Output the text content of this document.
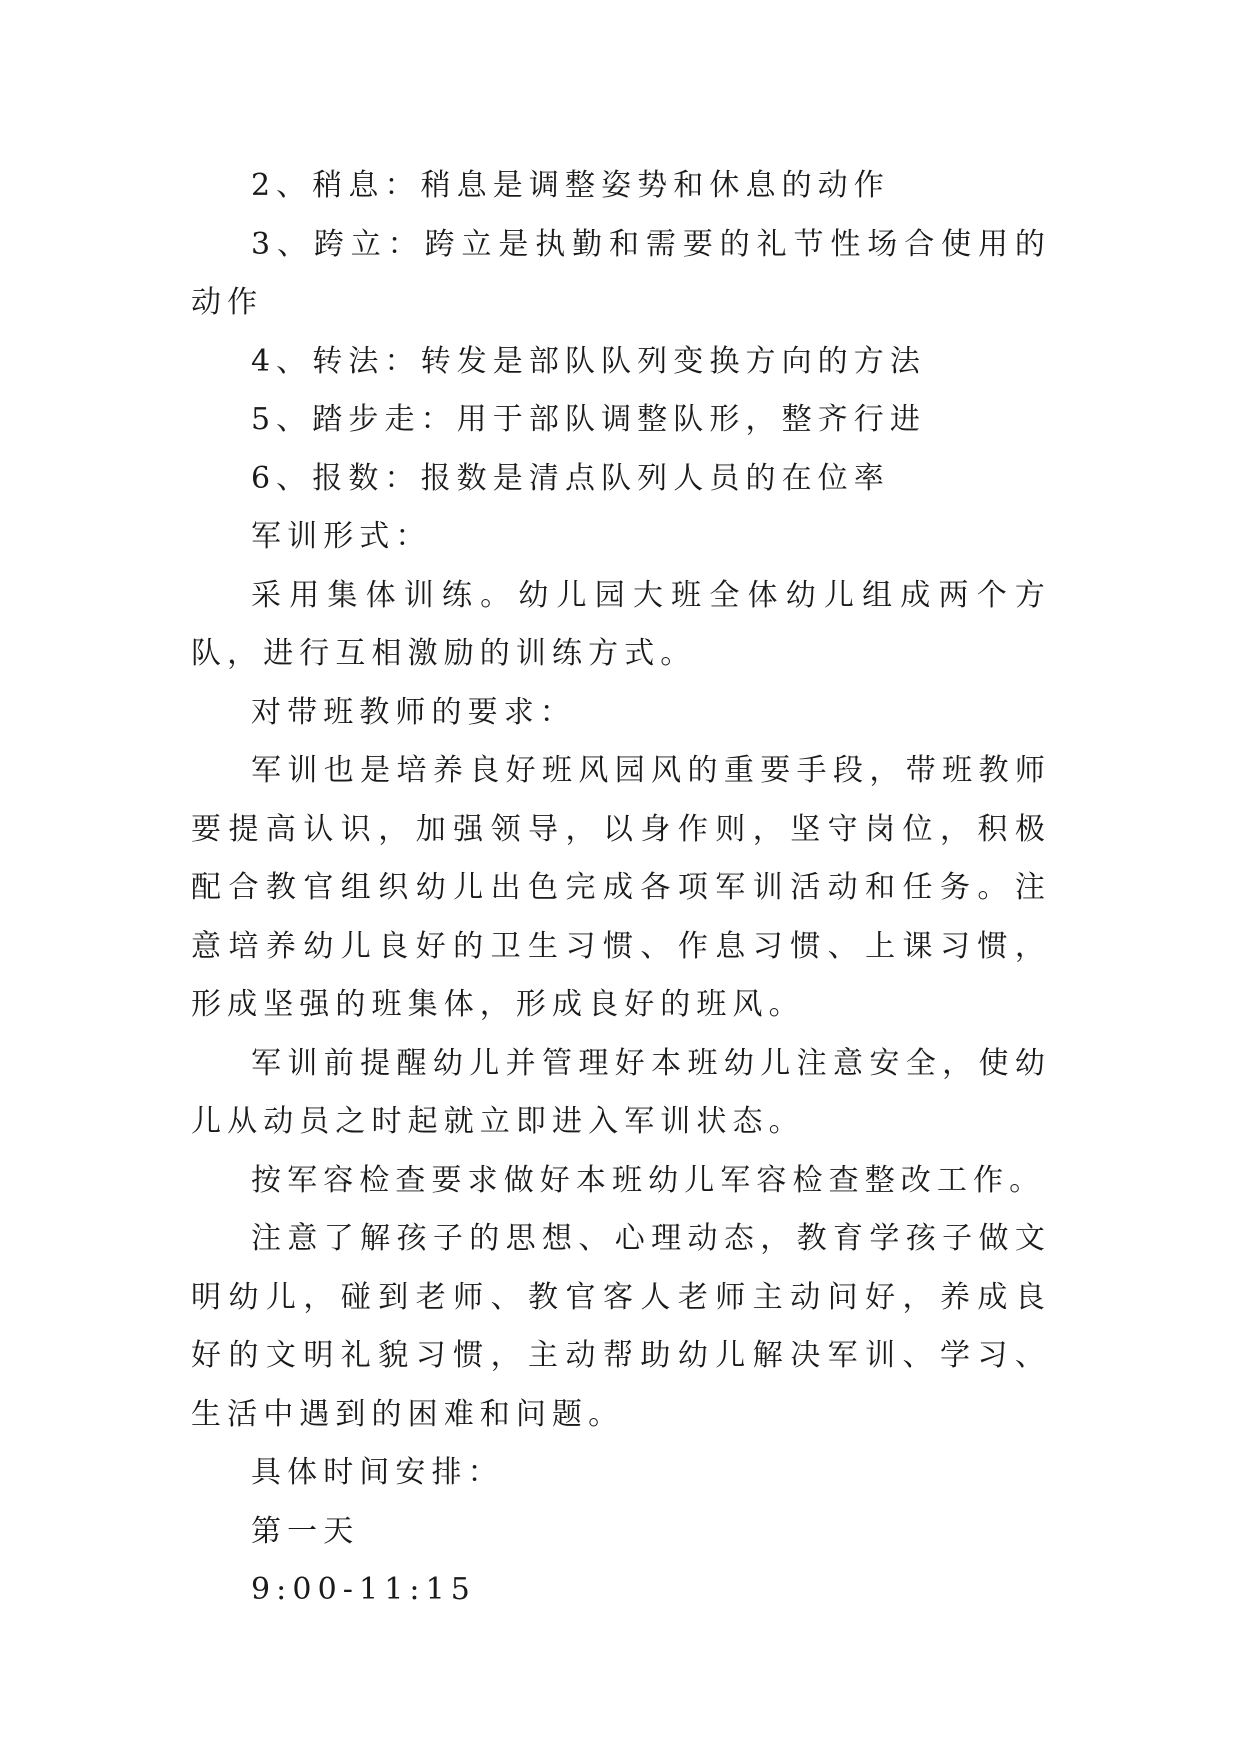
2、稍息：稍息是调整姿势和休息的动作

3、跨立：跨立是执勤和需要的礼节性场合使用的动作

4、转法：转发是部队队列变换方向的方法

5、踏步走：用于部队调整队形，整齐行进

6、报数：报数是清点队列人员的在位率

军训形式：

采用集体训练。幼儿园大班全体幼儿组成两个方队，进行互相激励的训练方式。

对带班教师的要求：

军训也是培养良好班风园风的重要手段，带班教师要提高认识，加强领导，以身作则，坚守岗位，积极配合教官组织幼儿出色完成各项军训活动和任务。注意培养幼儿良好的卫生习惯、作息习惯、上课习惯，形成坚强的班集体，形成良好的班风。

军训前提醒幼儿并管理好本班幼儿注意安全，使幼儿从动员之时起就立即进入军训状态。

按军容检查要求做好本班幼儿军容检查整改工作。

注意了解孩子的思想、心理动态，教育学孩子做文明幼儿，碰到老师、教官客人老师主动问好，养成良好的文明礼貌习惯，主动帮助幼儿解决军训、学习、生活中遇到的困难和问题。

具体时间安排：

第一天

9:00-11:15
